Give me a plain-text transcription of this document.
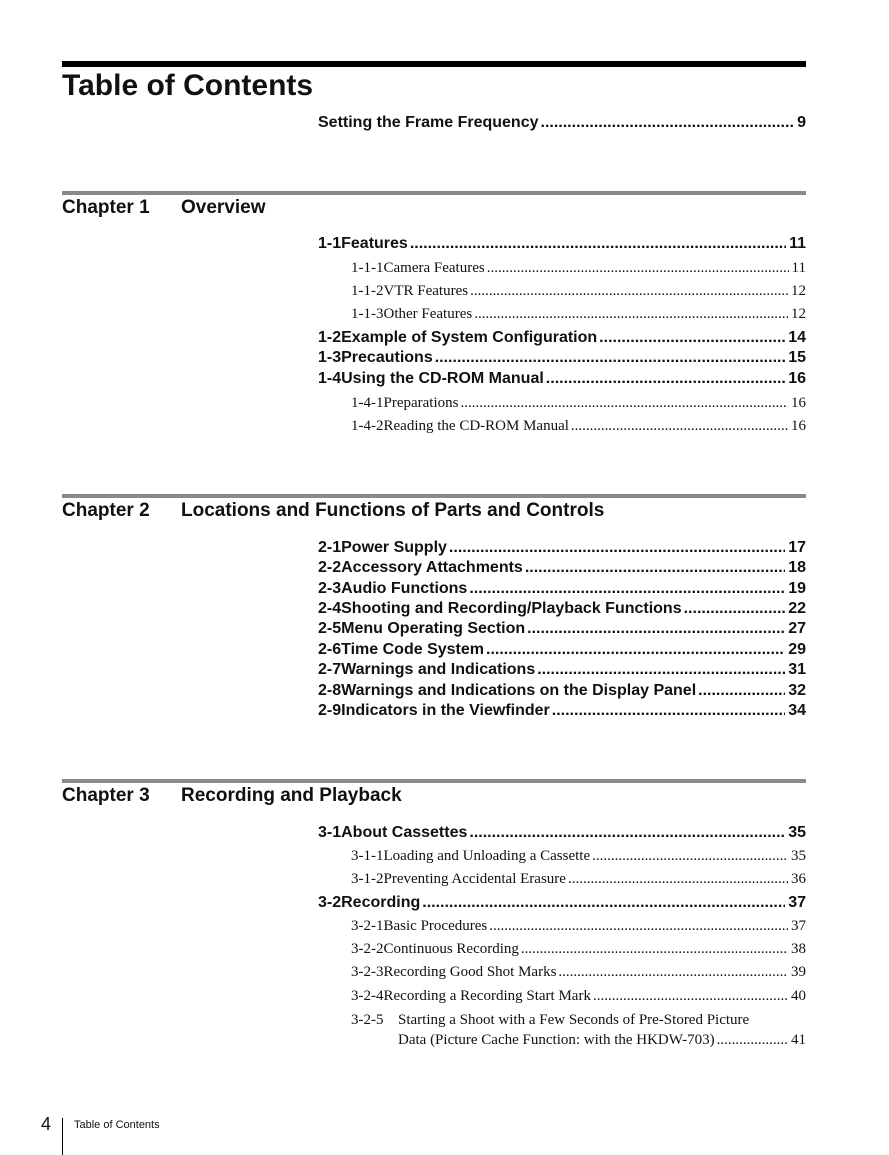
Table of Contents
Setting the Frame Frequency .....	9
Chapter 1 Overview
1-1 Features .....	11
1-1-1 Camera Features .....	11
1-1-2 VTR Features .....	12
1-1-3 Other Features .....	12
1-2 Example of System Configuration .....	14
1-3 Precautions .....	15
1-4 Using the CD-ROM Manual .....	16
1-4-1 Preparations .....	16
1-4-2 Reading the CD-ROM Manual .....	16
Chapter 2 Locations and Functions of Parts and Controls
2-1 Power Supply .....	17
2-2 Accessory Attachments .....	18
2-3 Audio Functions .....	19
2-4 Shooting and Recording/Playback Functions .....	22
2-5 Menu Operating Section .....	27
2-6 Time Code System .....	29
2-7 Warnings and Indications .....	31
2-8 Warnings and Indications on the Display Panel .....	32
2-9 Indicators in the Viewfinder .....	34
Chapter 3 Recording and Playback
3-1 About Cassettes .....	35
3-1-1 Loading and Unloading a Cassette .....	35
3-1-2 Preventing Accidental Erasure .....	36
3-2 Recording .....	37
3-2-1 Basic Procedures .....	37
3-2-2 Continuous Recording .....	38
3-2-3 Recording Good Shot Marks .....	39
3-2-4 Recording a Recording Start Mark .....	40
3-2-5 Starting a Shoot with a Few Seconds of Pre-Stored Picture
Data (Picture Cache Function: with the HKDW-703) .....	41
4 Table of Contents
